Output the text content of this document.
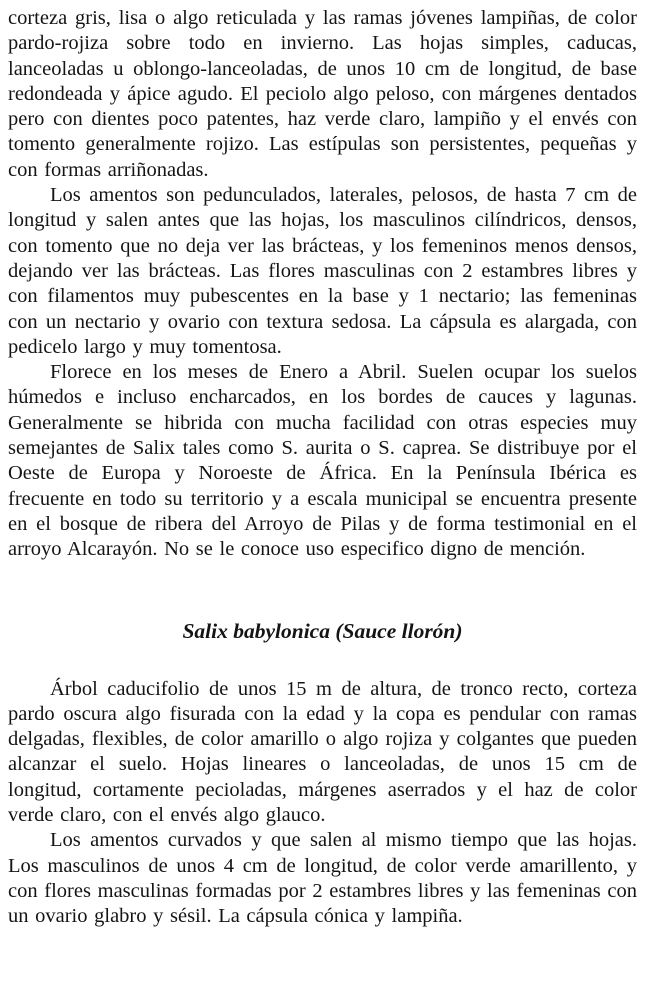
corteza gris, lisa o algo reticulada y las ramas jóvenes lampiñas, de color pardo-rojiza sobre todo en invierno. Las hojas simples, caducas, lanceoladas u oblongo-lanceoladas, de unos 10 cm de longitud, de base redondeada y ápice agudo. El peciolo algo peloso, con márgenes dentados pero con dientes poco patentes, haz verde claro, lampiño y el envés con tomento generalmente rojizo. Las estípulas son persistentes, pequeñas y con formas arriñonadas.

Los amentos son pedunculados, laterales, pelosos, de hasta 7 cm de longitud y salen antes que las hojas, los masculinos cilíndricos, densos, con tomento que no deja ver las brácteas, y los femeninos menos densos, dejando ver las brácteas. Las flores masculinas con 2 estambres libres y con filamentos muy pubescentes en la base y 1 nectario; las femeninas con un nectario y ovario con textura sedosa. La cápsula es alargada, con pedicelo largo y muy tomentosa.

Florece en los meses de Enero a Abril. Suelen ocupar los suelos húmedos e incluso encharcados, en los bordes de cauces y lagunas. Generalmente se hibrida con mucha facilidad con otras especies muy semejantes de Salix tales como S. aurita o S. caprea. Se distribuye por el Oeste de Europa y Noroeste de África. En la Península Ibérica es frecuente en todo su territorio y a escala municipal se encuentra presente en el bosque de ribera del Arroyo de Pilas y de forma testimonial en el arroyo Alcarayón. No se le conoce uso especifico digno de mención.

Salix babylonica (Sauce llorón)

Árbol caducifolio de unos 15 m de altura, de tronco recto, corteza pardo oscura algo fisurada con la edad y la copa es pendular con ramas delgadas, flexibles, de color amarillo o algo rojiza y colgantes que pueden alcanzar el suelo. Hojas lineares o lanceoladas, de unos 15 cm de longitud, cortamente pecioladas, márgenes aserrados y el haz de color verde claro, con el envés algo glauco.

Los amentos curvados y que salen al mismo tiempo que las hojas. Los masculinos de unos 4 cm de longitud, de color verde amarillento, y con flores masculinas formadas por 2 estambres libres y las femeninas con un ovario glabro y sésil. La cápsula cónica y lampiña.
